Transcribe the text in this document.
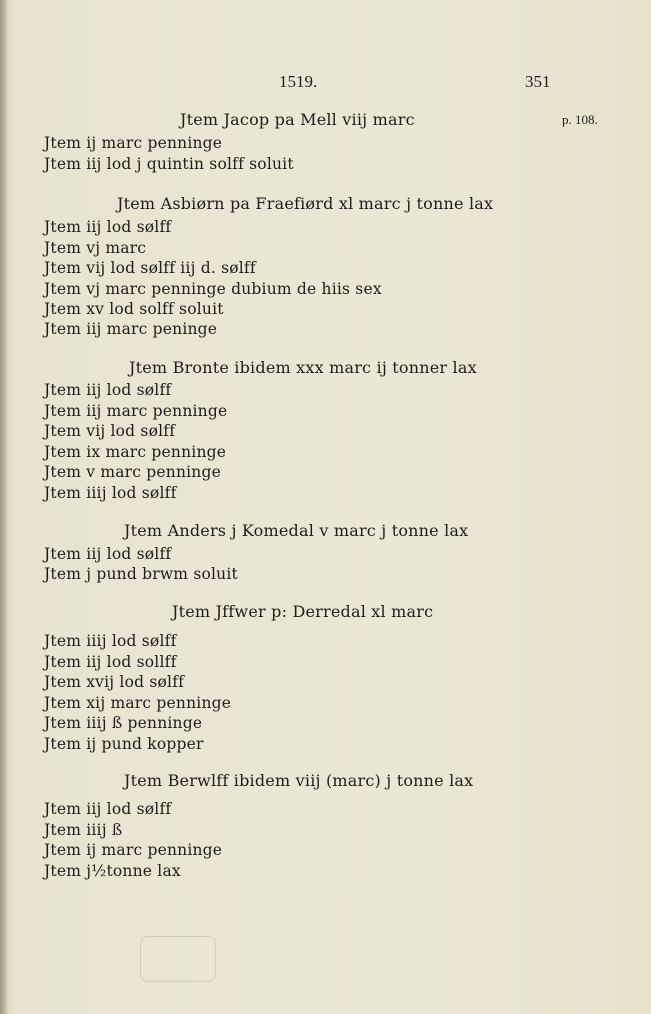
1519.	351
p. 108.
Jtem Jacop pa Mell viij marc
Jtem ij marc penninge
Jtem iij lod j quintin solff soluit
Jtem Asbiørn pa Fraefiørd xl marc j tonne lax
Jtem iij lod sølff
Jtem vj marc
Jtem vij lod sølff iij d. sølff
Jtem vj marc penninge dubium de hiis sex
Jtem xv lod solff soluit
Jtem iij marc peninge
Jtem Bronte ibidem xxx marc ij tonner lax
Jtem iij lod sølff
Jtem iij marc penninge
Jtem vij lod sølff
Jtem ix marc penninge
Jtem v marc penninge
Jtem iiij lod sølff
Jtem Anders j Komedal v marc j tonne lax
Jtem iij lod sølff
Jtem j pund brwm soluit
Jtem Jffwer p: Derredal xl marc
Jtem iiij lod sølff
Jtem iij lod sollff
Jtem xvij lod sølff
Jtem xij marc penninge
Jtem iiij ß penninge
Jtem ij pund kopper
Jtem Berwlff ibidem viij (marc) j tonne lax
Jtem iij lod sølff
Jtem iiij ß
Jtem ij marc penninge
Jtem j½tonne lax
